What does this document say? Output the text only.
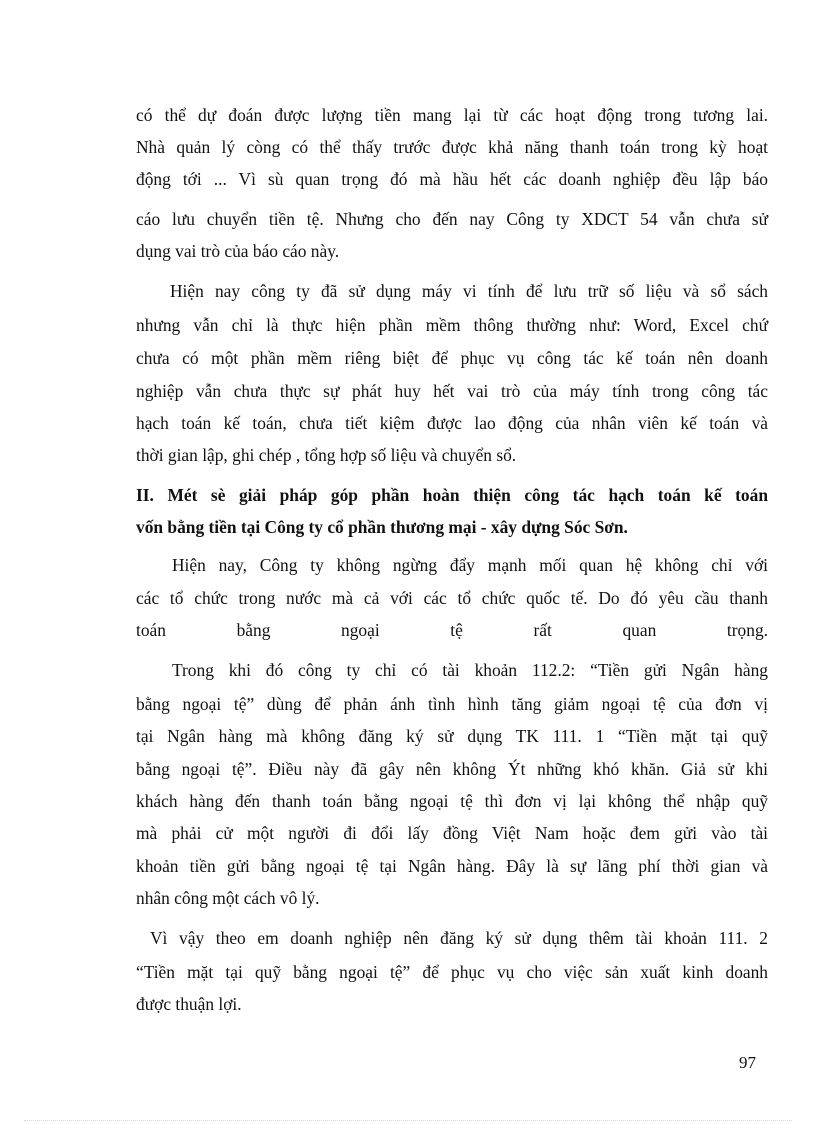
có thể dự đoán được lượng tiền mang lại từ các hoạt động trong tương lai.
Nhà quản lý còng có thể thấy trước được khả năng thanh toán trong kỳ hoạt
động tới ... Vì sù quan trọng đó mà hầu hết các doanh nghiệp đều lập báo
cáo lưu chuyển tiền tệ. Nhưng cho đến nay Công ty XDCT 54 vẫn chưa sử
dụng vai trò của báo cáo này.
Hiện nay công ty đã sử dụng máy vi tính để lưu trữ số liệu và sổ sách
nhưng vẫn chỉ là thực hiện phần mềm thông thường như: Word, Excel chứ
chưa có một phần mềm riêng biệt để phục vụ công tác kế toán nên doanh
nghiệp vẫn chưa thực sự phát huy hết vai trò của máy tính trong công tác
hạch toán kế toán, chưa tiết kiệm được lao động của nhân viên kế toán và
thời gian lập, ghi chép , tổng hợp số liệu và chuyển sổ.
II. Mét sè giải pháp góp phần hoàn thiện công tác hạch toán kế toán
vốn bằng tiền tại Công ty cổ phần thương mại - xây dựng Sóc Sơn.
Hiện nay, Công ty không ngừng đẩy mạnh mối quan hệ không chỉ với
các tổ chức trong nước mà cả với các tổ chức quốc tế. Do đó yêu cầu thanh
toán bằng ngoại tệ rất quan trọng.
Trong khi đó công ty chỉ có tài khoản 112.2: “Tiền gửi Ngân hàng
bằng ngoại tệ” dùng để phản ánh tình hình tăng giảm ngoại tệ của đơn vị
tại Ngân hàng mà không đăng ký sử dụng TK 111. 1 “Tiền mặt tại quỹ
bằng ngoại tệ”. Điều này đã gây nên không Ýt những khó khăn. Giả sử khi
khách hàng đến thanh toán bằng ngoại tệ thì đơn vị lại không thể nhập quỹ
mà phải cử một người đi đổi lấy đồng Việt Nam hoặc đem gửi vào tài
khoản tiền gửi bằng ngoại tệ tại Ngân hàng. Đây là sự lãng phí thời gian và
nhân công một cách vô lý.
Vì vậy theo em doanh nghiệp nên đăng ký sử dụng thêm tài khoản 111. 2
“Tiền mặt tại quỹ bằng ngoại tệ” để phục vụ cho việc sản xuất kinh doanh
được thuận lợi.
97
